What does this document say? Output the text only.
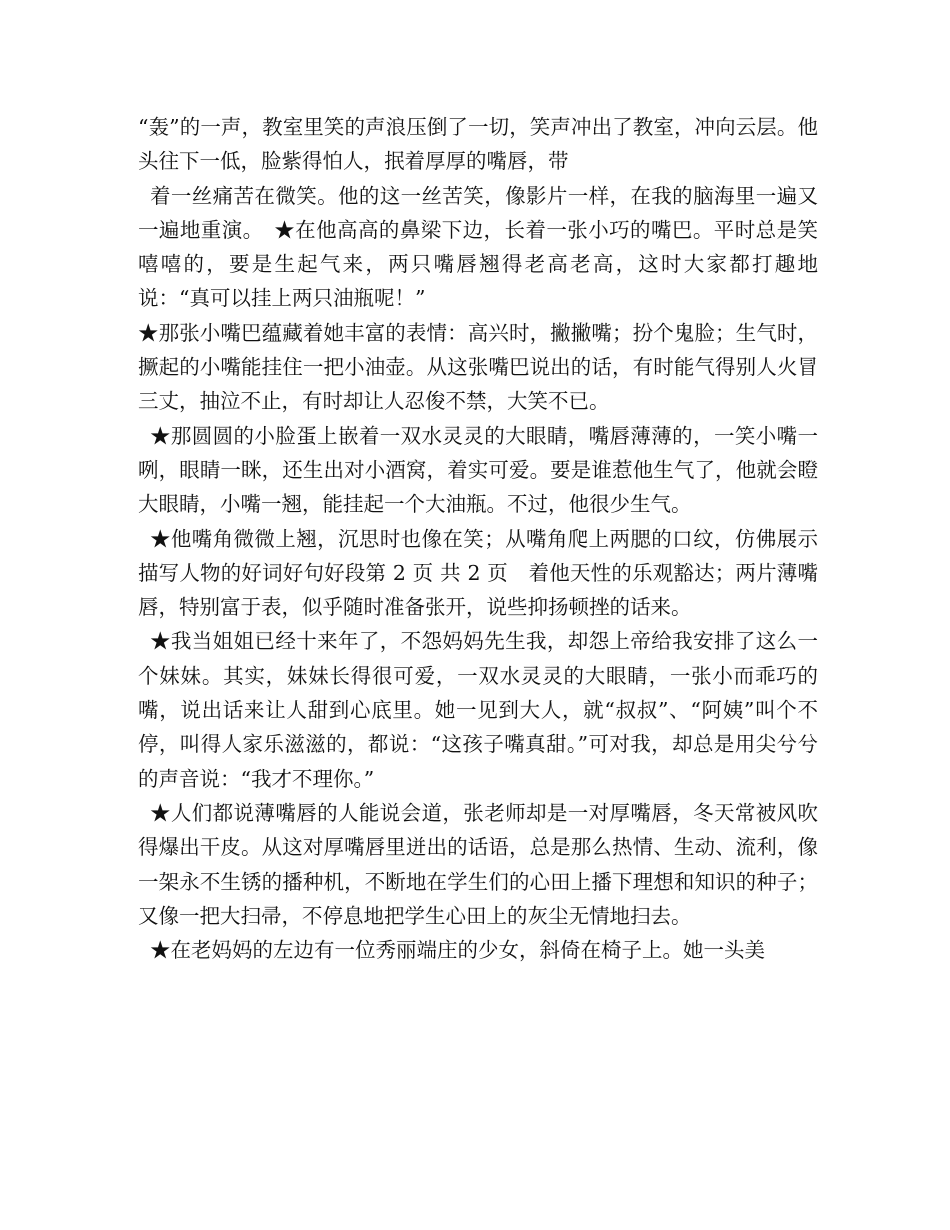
“轰”的一声，教室里笑的声浪压倒了一切，笑声冲出了教室，冲向云层。他头往下一低，脸紫得怕人，抿着厚厚的嘴唇，带

着一丝痛苦在微笑。他的这一丝苦笑，像影片一样，在我的脑海里一遍又一遍地重演。　★在他高高的鼻梁下边，长着一张小巧的嘴巴。平时总是笑嘻嘻的，要是生起气来，两只嘴唇翘得老高老高，这时大家都打趣地说：“真可以挂上两只油瓶呢！”

★那张小嘴巴蕴藏着她丰富的表情：高兴时，撇撇嘴；扮个鬼脸；生气时，撅起的小嘴能挂住一把小油壶。从这张嘴巴说出的话，有时能气得别人火冒三丈，抽泣不止，有时却让人忍俊不禁，大笑不已。

★那圆圆的小脸蛋上嵌着一双水灵灵的大眼睛，嘴唇薄薄的，一笑小嘴一咧，眼睛一眯，还生出对小酒窝，着实可爱。要是谁惹他生气了，他就会瞪大眼睛，小嘴一翘，能挂起一个大油瓶。不过，他很少生气。

★他嘴角微微上翘，沉思时也像在笑；从嘴角爬上两腮的口纹，仿佛展示　描写人物的好词好句好段第 2 页 共 2 页　着他天性的乐观豁达；两片薄嘴唇，特别富于表，似乎随时准备张开，说些抑扬顿挫的话来。

★我当姐姐已经十来年了，不怨妈妈先生我，却怨上帝给我安排了这么一个妹妹。其实，妹妹长得很可爱，一双水灵灵的大眼睛，一张小而乖巧的嘴，说出话来让人甜到心底里。她一见到大人，就“叔叔”、“阿姨”叫个不停，叫得人家乐滋滋的，都说：“这孩子嘴真甜。”可对我，却总是用尖兮兮的声音说：“我才不理你。”

★人们都说薄嘴唇的人能说会道，张老师却是一对厚嘴唇，冬天常被风吹得爆出干皮。从这对厚嘴唇里迸出的话语，总是那么热情、生动、流利，像一架永不生锈的播种机，不断地在学生们的心田上播下理想和知识的种子；又像一把大扫帚，不停息地把学生心田上的灰尘无情地扫去。

★在老妈妈的左边有一位秀丽端庄的少女，斜倚在椅子上。她一头美
